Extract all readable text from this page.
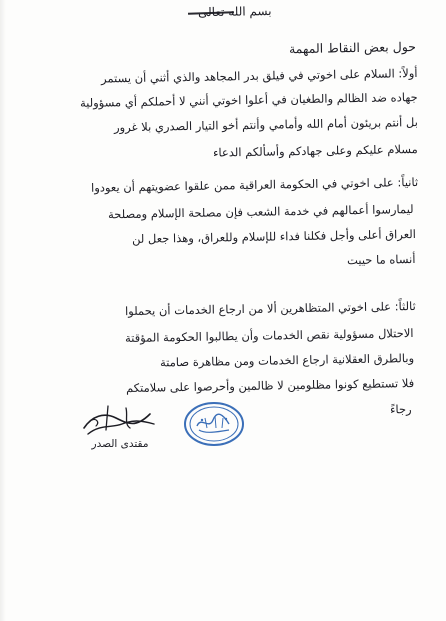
بسم الله تعالى
حول بعض النقاط المهمة
أولاً: السلام على اخوتي في فيلق بدر المجاهد والذي أثني أن يستمر
جهاده ضد الظالم والطغيان في أعلوا اخوتي أنني لا أحملكم أي مسؤولية
بل أنتم بريئون أمام الله وأمامي وأنتم أخو التيار الصدري بلا غرور
مسلام عليكم وعلى جهادكم وأسألكم الدعاء
ثانياً: على اخوتي في الحكومة العراقية ممن علقوا عضويتهم أن يعودوا
ليمارسوا أعمالهم في خدمة الشعب فإن مصلحة الإسلام ومصلحة
العراق أعلى وأجل فكلنا فداء للإسلام وللعراق، وهذا جعل لن
أنساه ما حييت
ثالثاً: على اخوتي المتظاهرين ألا من ارجاع الخدمات أن يحملوا
الاحتلال مسؤولية نقص الخدمات وأن يطالبوا الحكومة المؤقتة
وبالطرق العقلانية ارجاع الخدمات ومن مظاهرة صامتة
فلا تستطيع كونوا مظلومين لا ظالمين وأحرصوا على سلامتكم
رجاءً
مقتدى الصدر
